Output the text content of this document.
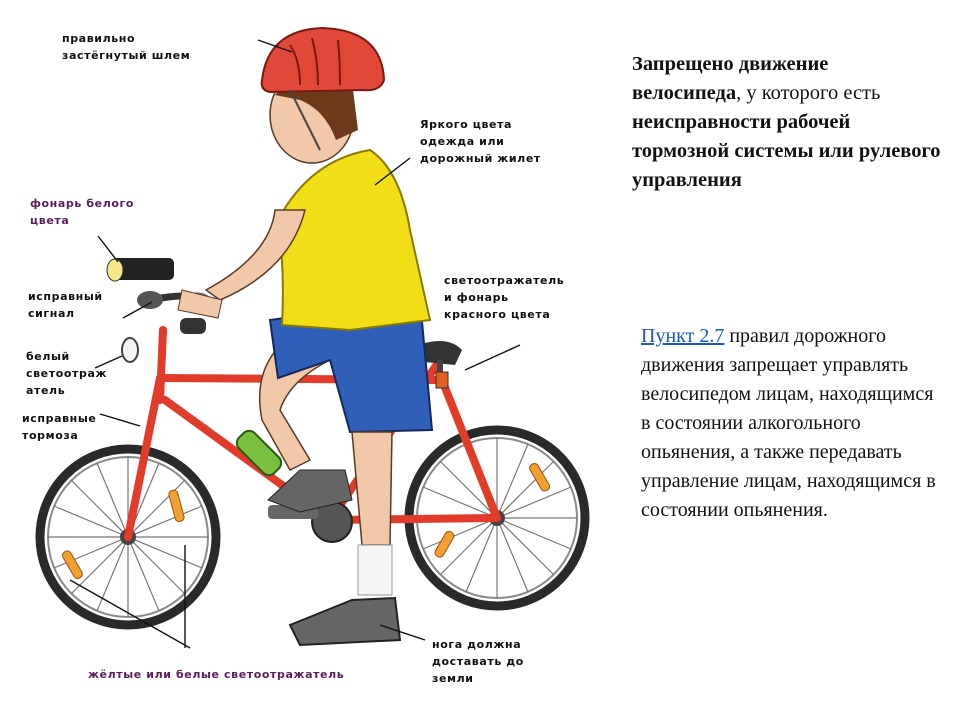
правильно
застёгнутый шлем
Яркого цвета
одежда или
дорожный жилет
фонарь белого
цвета
исправный
сигнал
белый
светоотраж
атель
исправные
тормоза
светоотражатель
и фонарь
красного цвета
жёлтые или белые светоотражатель
нога должна
доставать до
земли
Запрещено движение велосипеда, у которого есть неисправности рабочей тормозной системы или рулевого управления
Пункт 2.7 правил дорожного движения запрещает управлять велосипедом лицам, находящимся в состоянии алкогольного опьянения, а также передавать управление лицам, находящимся в состоянии опьянения.
